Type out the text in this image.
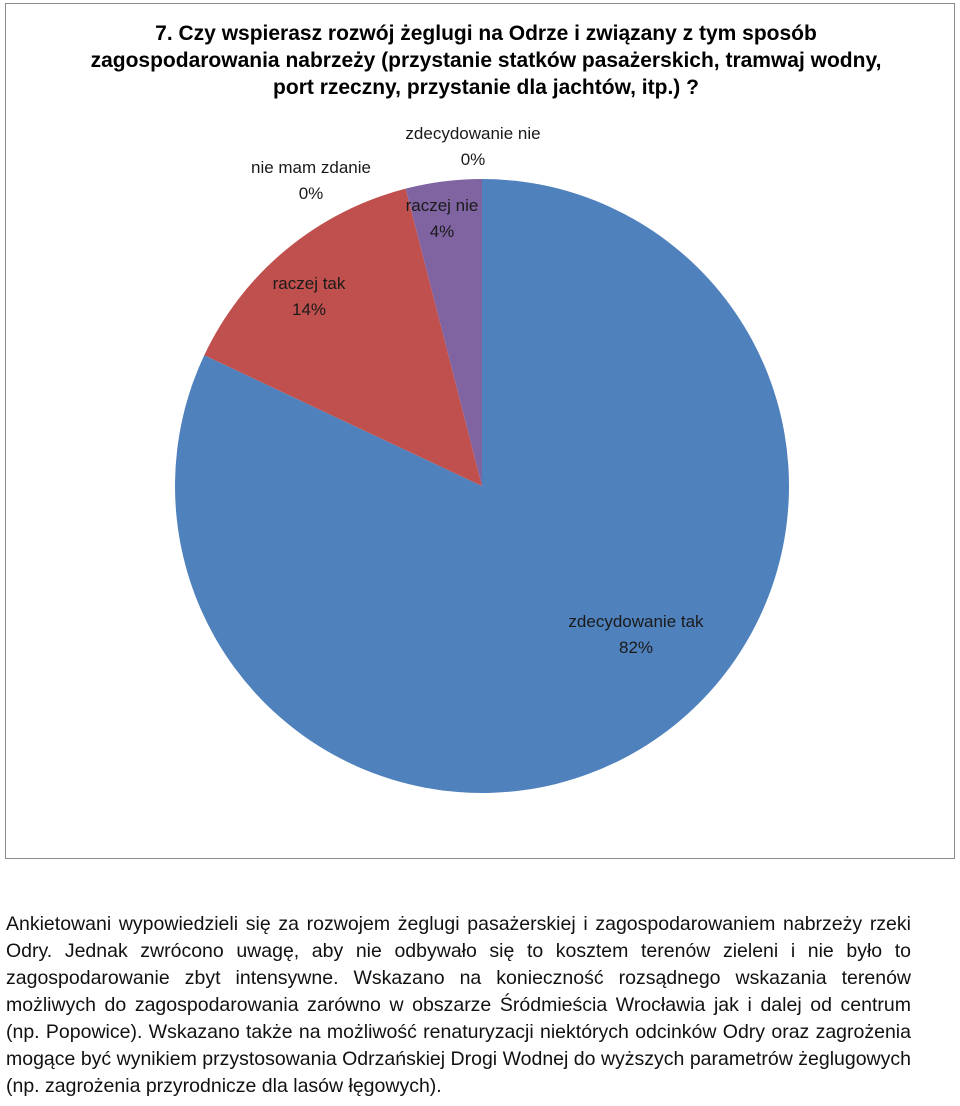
7. Czy wspierasz rozwój żeglugi na Odrze i związany z tym sposób zagospodarowania nabrzeży (przystanie statków pasażerskich, tramwaj wodny, port rzeczny, przystanie dla jachtów, itp.) ?

zdecydowanie tak
82%
raczej tak
14%
raczej nie
4%
zdecydowanie nie
0%
nie mam zdanie
0%

Ankietowani wypowiedzieli się za rozwojem żeglugi pasażerskiej i zagospodarowaniem nabrzeży rzeki Odry. Jednak zwrócono uwagę, aby nie odbywało się to kosztem terenów zieleni i nie było to zagospodarowanie zbyt intensywne. Wskazano na konieczność rozsądnego wskazania terenów możliwych do zagospodarowania zarówno w obszarze Śródmieścia Wrocławia jak i dalej od centrum (np. Popowice). Wskazano także na możliwość renaturyzacji niektórych odcinków Odry oraz zagrożenia mogące być wynikiem przystosowania Odrzańskiej Drogi Wodnej do wyższych parametrów żeglugowych (np. zagrożenia przyrodnicze dla lasów łęgowych).
